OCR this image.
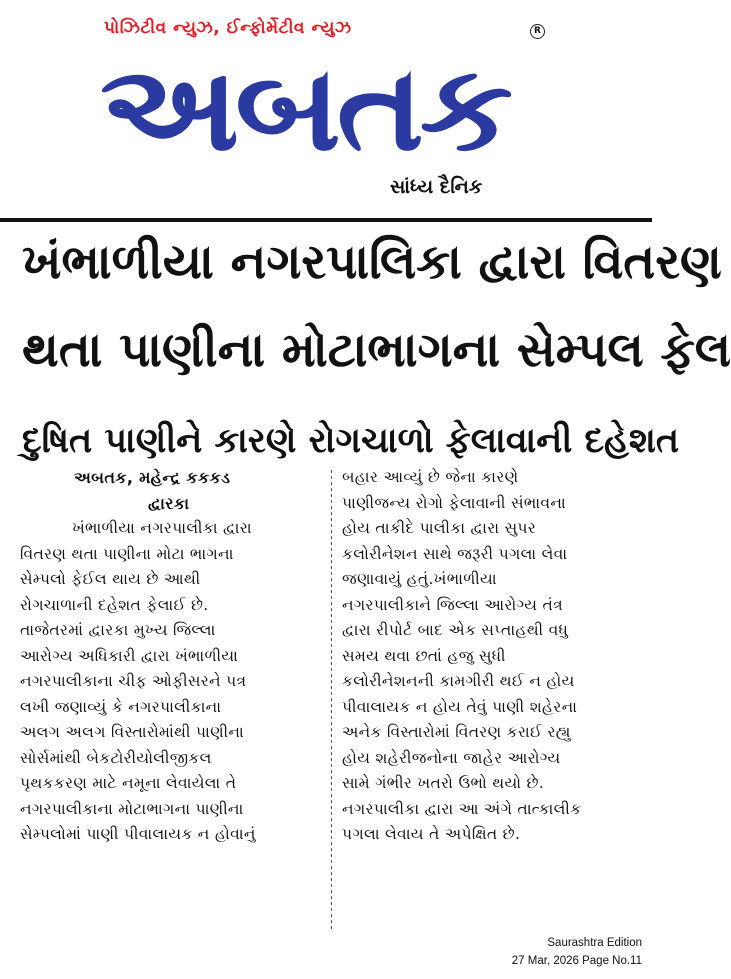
પોઝિટીવ ન્યુઝ, ઈન્ફોર્મેટીવ ન્યુઝ	R
અબતક
સાંધ્ય દૈનિક
ખંભાળીયા નગરપાલિકા દ્વારા વિતરણ
થતા પાણીના મોટાભાગના સેમ્પલ ફેલ
દુષિત પાણીને કારણે રોગચાળો ફેલાવાની દહેશત
અબતક, મહેન્દ્ર કકકડ
દ્વારકા
ખંભાળીયા નગરપાલીકા દ્વારા
વિતરણ થતા પાણીના મોટા ભાગના
સેમ્પલો ફેઈલ થાય છે આથી
રોગચાળાની દહેશત ફેલાઈ છે.
તાજેતરમાં દ્વારકા મુખ્ય જિલ્લા
આરોગ્ય અધિકારી દ્વારા ખંભાળીયા
નગરપાલીકાના ચીફ ઓફીસરને પત્ર
લખી જણાવ્યું કે નગરપાલીકાના
અલગ અલગ વિસ્તારોમાંથી પાણીના
સોર્સમાંથી બેકટોરીયોલીજીકલ
પૃથકકરણ માટે નમૂના લેવાયેલા તે
નગરપાલીકાના મોટાભાગના પાણીના
સેમ્પલોમાં પાણી પીવાલાયક ન હોવાનું
બહાર આવ્યું છે જેના કારણે
પાણીજન્ય રોગો ફેલાવાની સંભાવના
હોય તાકીદે પાલીકા દ્વારા સુપર
કલોરીનેશન સાથે જરૂરી પગલા લેવા
જણાવાયું હતું.ખંભાળીયા
નગરપાલીકાને જિલ્લા આરોગ્ય તંત્ર
દ્વારા રીપોર્ટ બાદ એક સપ્તાહથી વધુ
સમય થવા છતાં હજુ સુધી
કલોરીનેશનની કામગીરી થઈ ન હોય
પીવાલાયક ન હોય તેવું પાણી શહેરના
અનેક વિસ્તારોમાં વિતરણ કરાઈ રહ્યુ
હોય શહેરીજનોના જાહેર આરોગ્ય
સામે ગંભીર ખતરો ઉભો થયો છે.
નગરપાલીકા દ્વારા આ અંગે તાત્કાલીક
પગલા લેવાય તે અપેક્ષિત છે.
Saurashtra Edition
27 Mar, 2026 Page No.11
